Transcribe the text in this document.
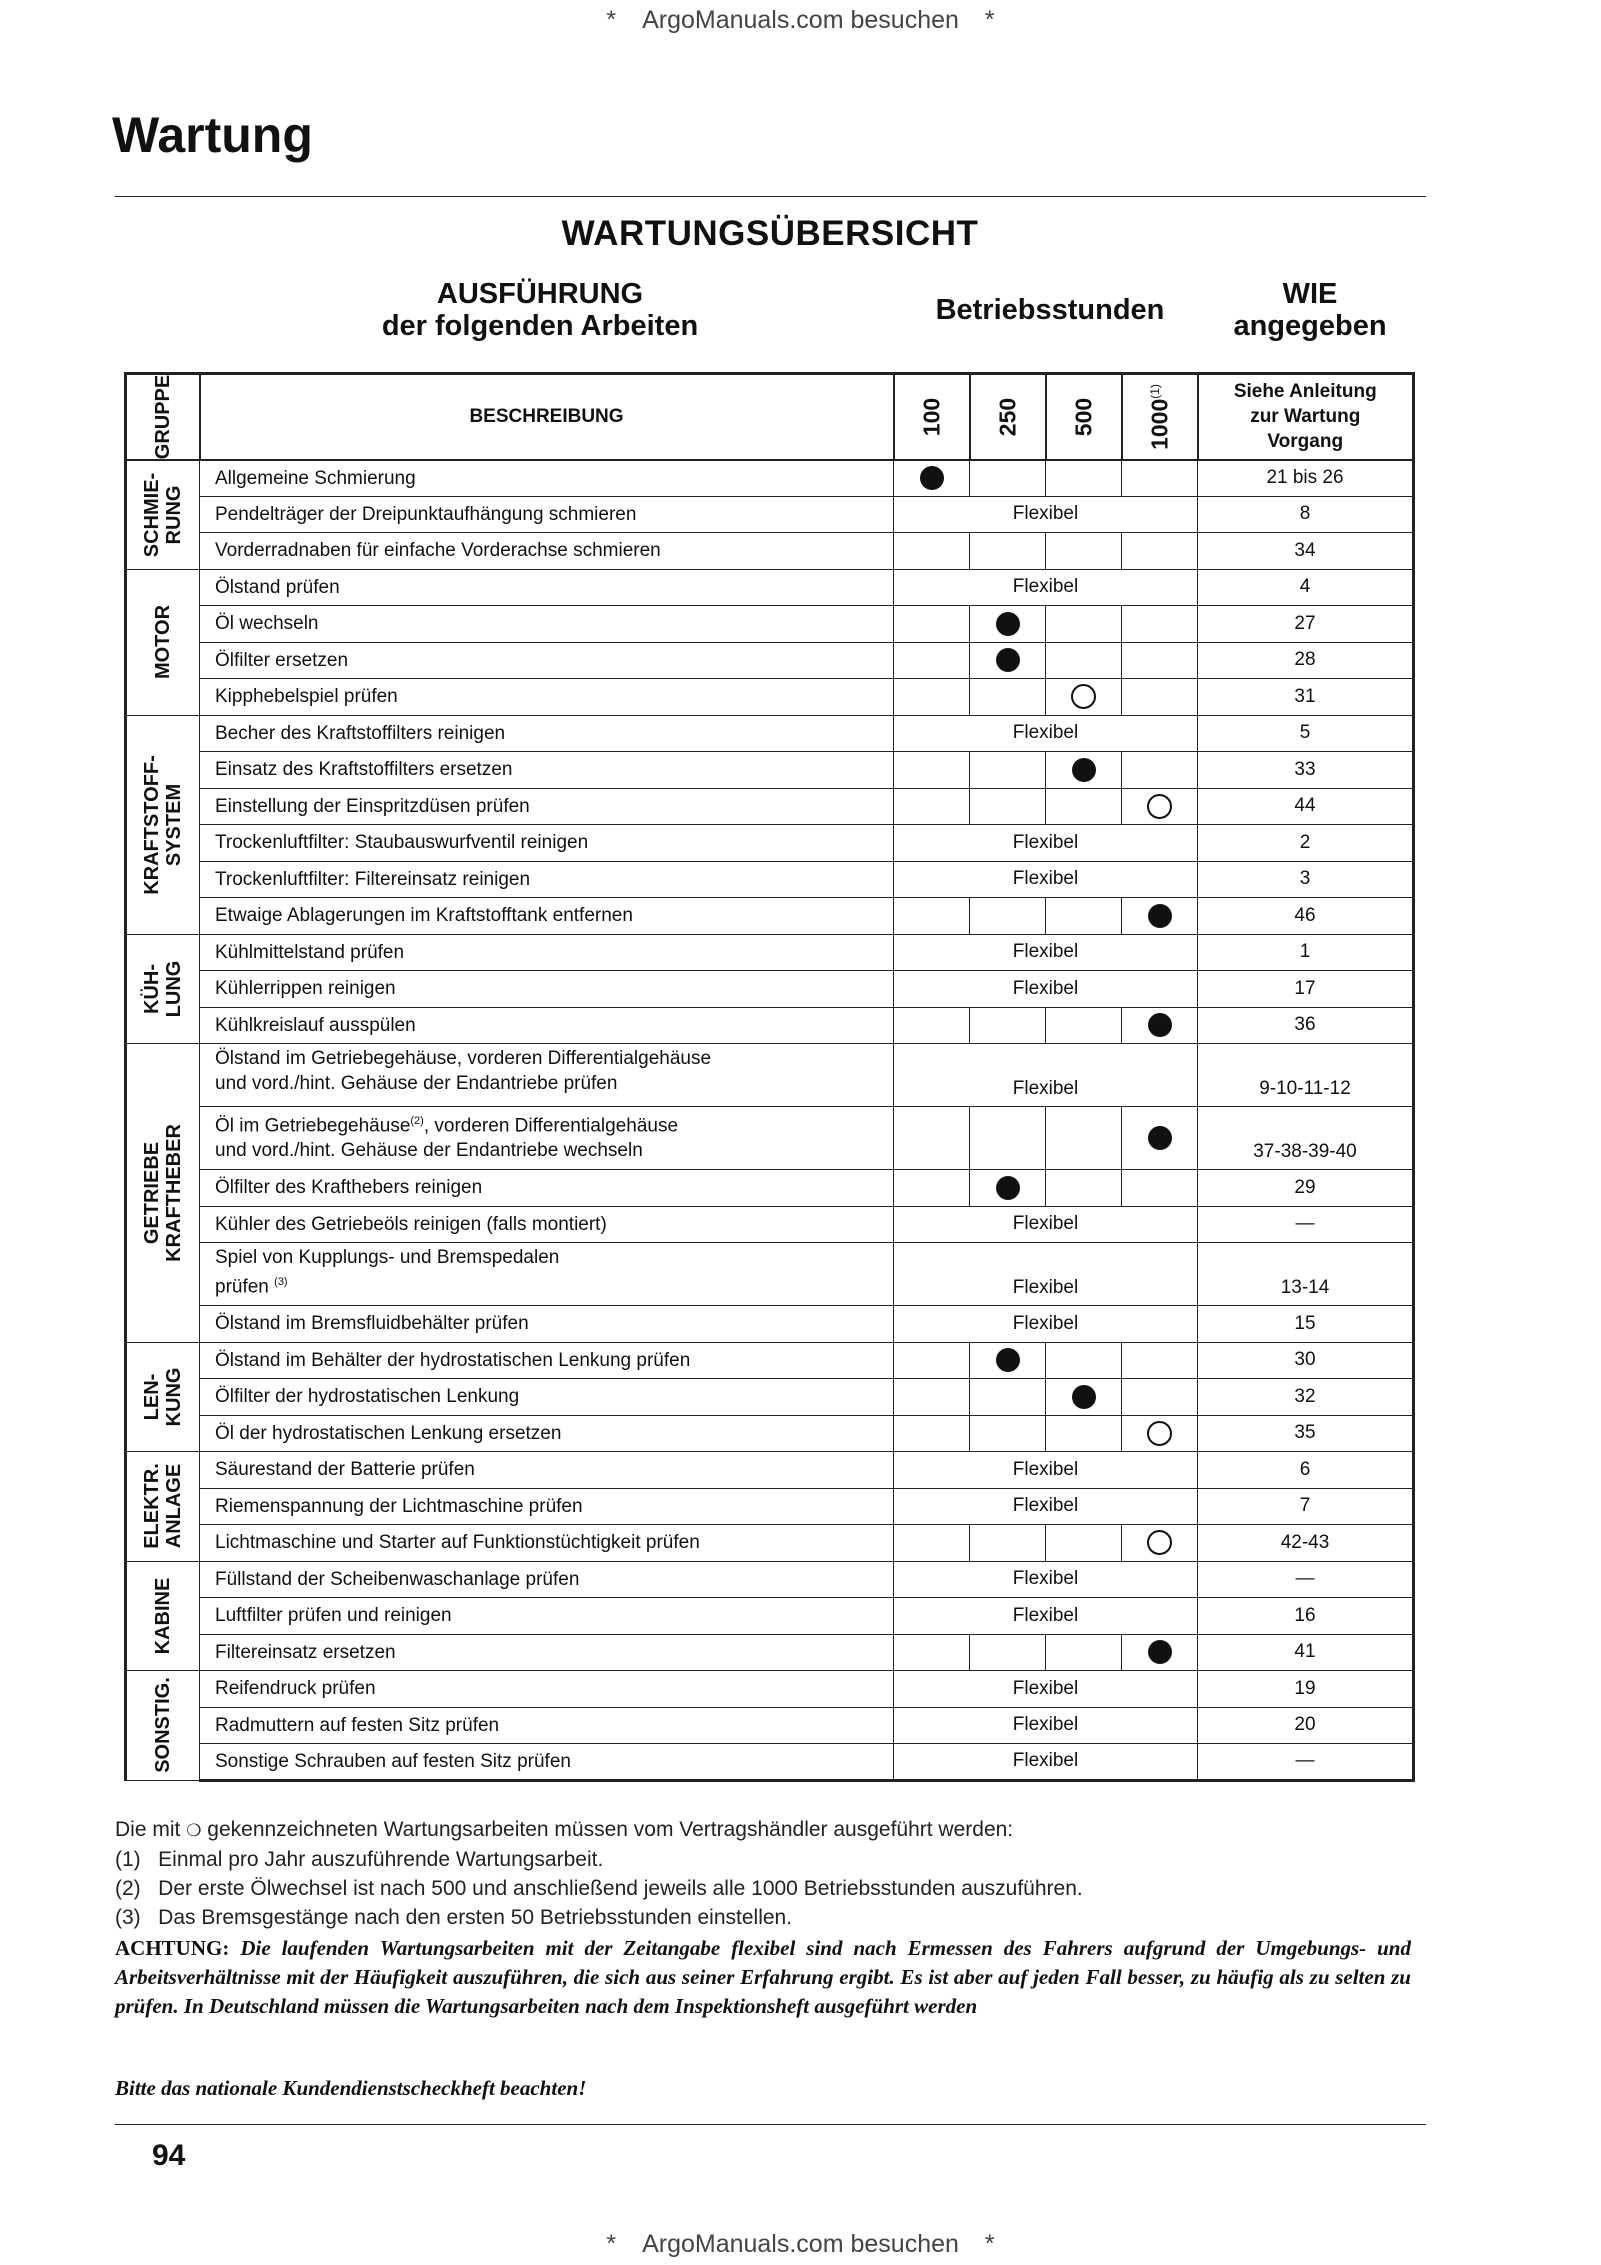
* ArgoManuals.com besuchen *
Wartung
WARTUNGSÜBERSICHT
AUSFÜHRUNG
der folgenden Arbeiten	Betriebsstunden	WIE
angegeben
GRUPPE	BESCHREIBUNG	100	250	500	1000$^{(1)}$	Siehe Anleitung
zur Wartung
Vorgang

SCHMIE-
RUNG	Allgemeine Schmierung					21 bis 26

	Pendelträger der Dreipunktaufhängung schmieren	Flexibel				8

	Vorderradnaben für einfache Vorderachse schmieren					34

MOTOR	Ölstand prüfen	Flexibel				4

	Öl wechseln					27

	Ölfilter ersetzen					28

	Kipphebelspiel prüfen					31

KRAFTSTOFF-
SYSTEM	Becher des Kraftstoffilters reinigen	Flexibel				5

	Einsatz des Kraftstoffilters ersetzen					33

	Einstellung der Einspritzdüsen prüfen					44

	Trockenluftfilter: Staubauswurfventil reinigen	Flexibel				2

	Trockenluftfilter: Filtereinsatz reinigen	Flexibel				3

	Etwaige Ablagerungen im Kraftstofftank entfernen					46

KÜH-
LUNG	Kühlmittelstand prüfen	Flexibel				1

	Kühlerrippen reinigen	Flexibel				17

	Kühlkreislauf ausspülen					36

GETRIEBE
KRAFTHEBER	Ölstand im Getriebegehäuse, vorderen Differentialgehäuse
und vord./hint. Gehäuse der Endantriebe prüfen	Flexibel				9-10-11-12

	Öl im Getriebegehäuse$^{(2)}$, vorderen Differentialgehäuse
und vord./hint. Gehäuse der Endantriebe wechseln					37-38-39-40

	Ölfilter des Krafthebers reinigen					29

	Kühler des Getriebeöls reinigen (falls montiert)	Flexibel				—

	Spiel von Kupplungs- und Bremspedalen
prüfen $^{(3)}$	Flexibel				13-14

	Ölstand im Bremsfluidbehälter prüfen	Flexibel				15

LEN-
KUNG	Ölstand im Behälter der hydrostatischen Lenkung prüfen					30

	Ölfilter der hydrostatischen Lenkung					32

	Öl der hydrostatischen Lenkung ersetzen					35

ELEKTR.
ANLAGE	Säurestand der Batterie prüfen	Flexibel				6

	Riemenspannung der Lichtmaschine prüfen	Flexibel				7

	Lichtmaschine und Starter auf Funktionstüchtigkeit prüfen					42-43

KABINE	Füllstand der Scheibenwaschanlage prüfen	Flexibel				—

	Luftfilter prüfen und reinigen	Flexibel				16

	Filtereinsatz ersetzen					41

SONSTIG.	Reifendruck prüfen	Flexibel				19

	Radmuttern auf festen Sitz prüfen	Flexibel				20

	Sonstige Schrauben auf festen Sitz prüfen	Flexibel				—
Die mit ❍ gekennzeichneten Wartungsarbeiten müssen vom Vertragshändler ausgeführt werden:
(1)   Einmal pro Jahr auszuführende Wartungsarbeit.
(2)   Der erste Ölwechsel ist nach 500 und anschließend jeweils alle 1000 Betriebsstunden auszuführen.
(3)   Das Bremsgestänge nach den ersten 50 Betriebsstunden einstellen.
ACHTUNG: Die laufenden Wartungsarbeiten mit der Zeitangabe flexibel sind nach Ermessen des Fahrers aufgrund der Umgebungs- und Arbeitsverhältnisse mit der Häufigkeit auszuführen, die sich aus seiner Erfahrung ergibt. Es ist aber auf jeden Fall besser, zu häufig als zu selten zu prüfen. In Deutschland müssen die Wartungsarbeiten nach dem Inspektionsheft ausgeführt werden
Bitte das nationale Kundendienstscheckheft beachten!
94
* ArgoManuals.com besuchen *
